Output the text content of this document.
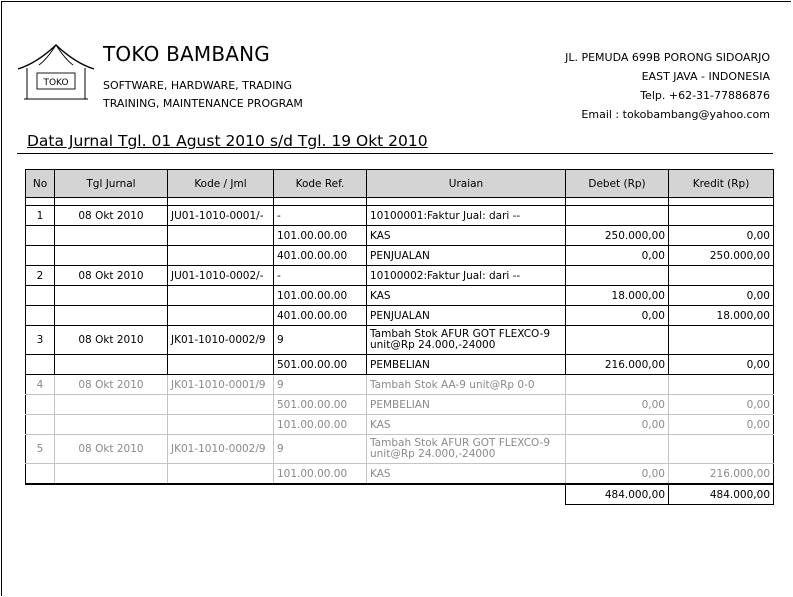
TOKO
TOKO BAMBANG
SOFTWARE, HARDWARE, TRADING
TRAINING, MAINTENANCE PROGRAM
JL. PEMUDA 699B PORONG SIDOARJO
EAST JAVA - INDONESIA
Telp. +62-31-77886876
Email : tokobambang@yahoo.com
Data Jurnal Tgl. 01 Agust 2010 s/d Tgl. 19 Okt 2010
No	Tgl Jurnal	Kode / Jml	Kode Ref.	Uraian	Debet (Rp)	Kredit (Rp)

1	08 Okt 2010	JU01-1010-0001/-	-	10100001:Faktur Jual: dari --		
			101.00.00.00	KAS	250.000,00	0,00
			401.00.00.00	PENJUALAN	0,00	250.000,00
2	08 Okt 2010	JU01-1010-0002/-	-	10100002:Faktur Jual: dari --		
			101.00.00.00	KAS	18.000,00	0,00
			401.00.00.00	PENJUALAN	0,00	18.000,00
3	08 Okt 2010	JK01-1010-0002/9	9	Tambah Stok AFUR GOT FLEXCO-9 unit@Rp 24.000,-24000		
			501.00.00.00	PEMBELIAN	216.000,00	0,00
4	08 Okt 2010	JK01-1010-0001/9	9	Tambah Stok AA-9 unit@Rp 0-0		
			501.00.00.00	PEMBELIAN	0,00	0,00
			101.00.00.00	KAS	0,00	0,00
5	08 Okt 2010	JK01-1010-0002/9	9	Tambah Stok AFUR GOT FLEXCO-9 unit@Rp 24.000,-24000		
			101.00.00.00	KAS	0,00	216.000,00
					484.000,00	484.000,00
